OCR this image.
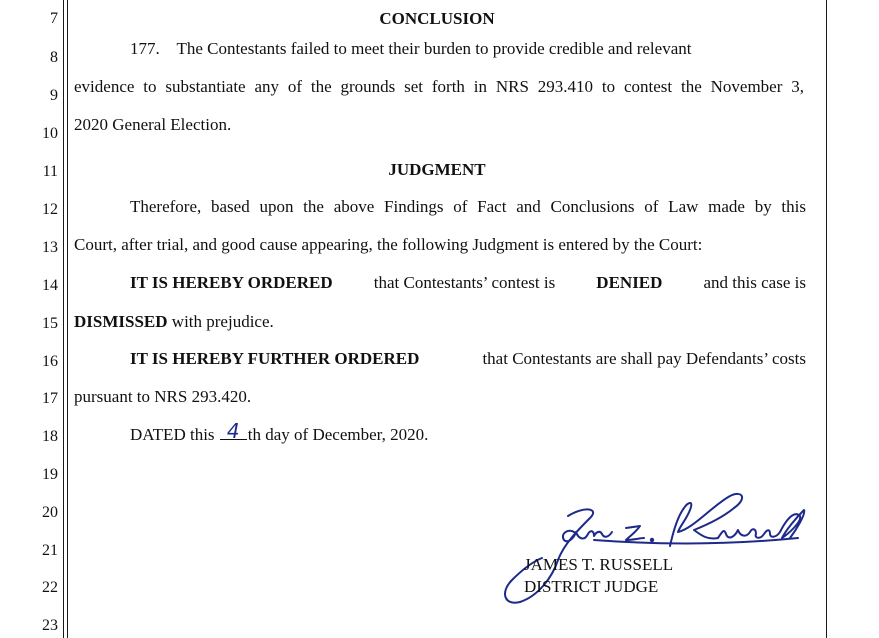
7
8
9
10
11
12
13
14
15
16
17
18
19
20
21
22
23
CONCLUSION
177.    The Contestants failed to meet their burden to provide credible and relevant
evidence to substantiate any of the grounds set forth in NRS 293.410 to contest the November 3,
2020 General Election.
JUDGMENT
Therefore, based upon the above Findings of Fact and Conclusions of Law made by this
Court, after trial, and good cause appearing, the following Judgment is entered by the Court:
IT IS HEREBY ORDERED that Contestants’ contest is DENIED and this case is
DISMISSED with prejudice.
IT IS HEREBY FURTHER ORDERED	that Contestants are shall pay Defendants’ costs
pursuant to NRS 293.420.
DATED this 4 th day of December, 2020.
JAMES T. RUSSELL
DISTRICT JUDGE
